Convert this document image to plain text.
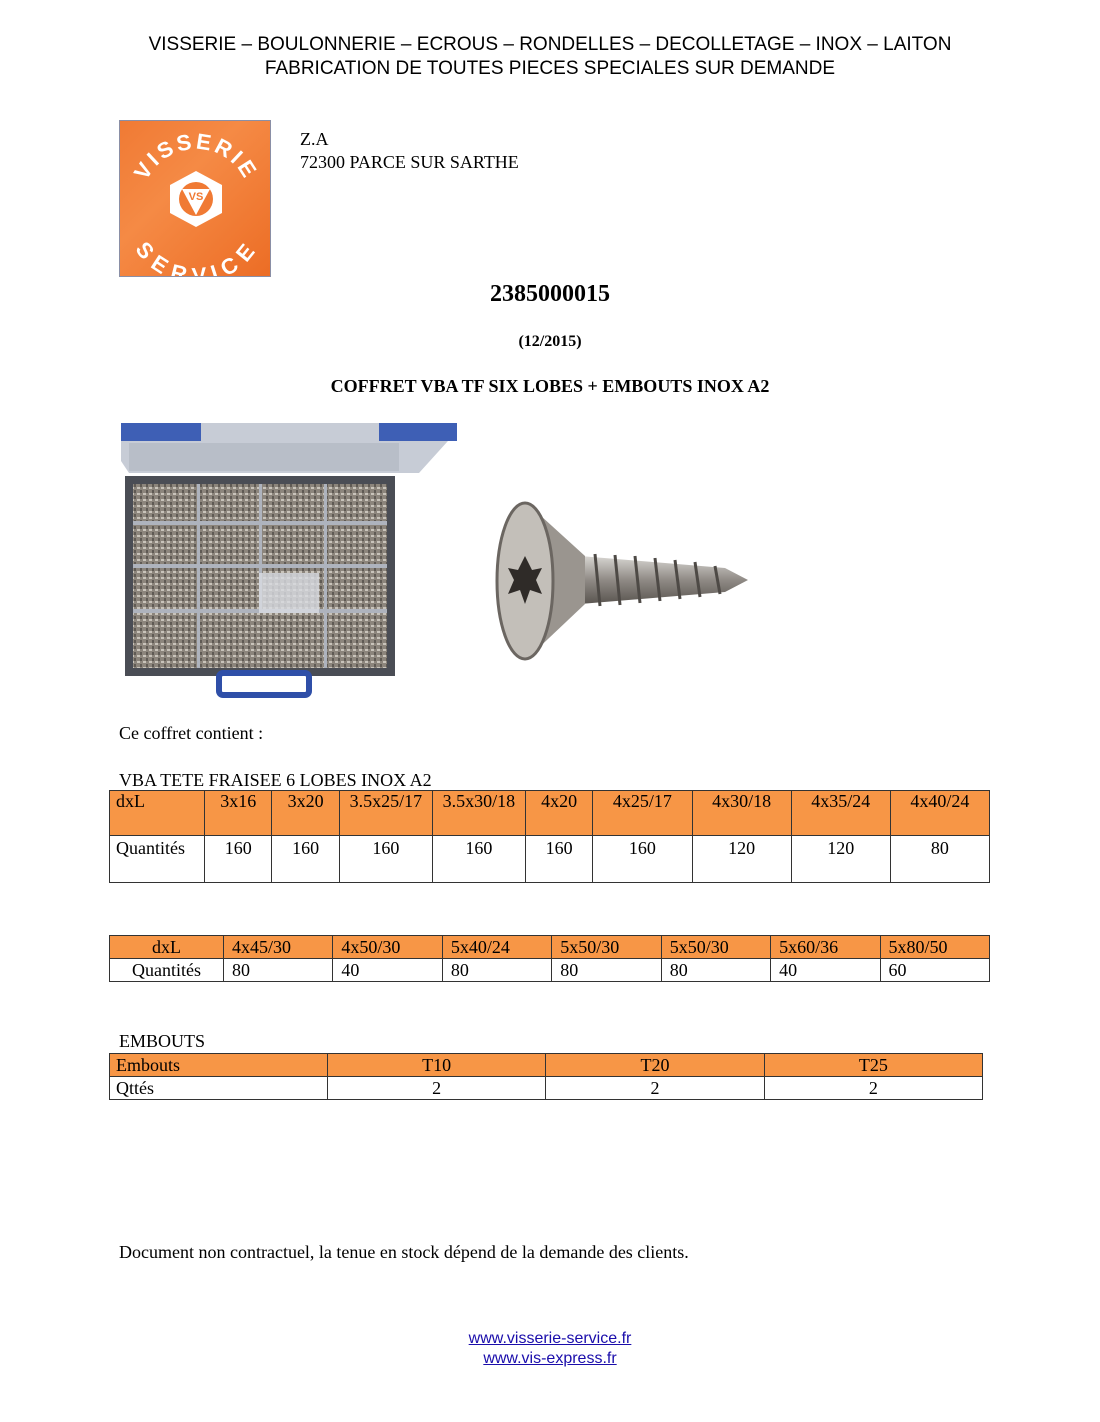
VISSERIE – BOULONNERIE – ECROUS – RONDELLES – DECOLLETAGE – INOX – LAITON
FABRICATION DE TOUTES PIECES SPECIALES SUR DEMANDE
VISSERIE
SERVICE
VS
Z.A
72300 PARCE SUR SARTHE
2385000015
(12/2015)
COFFRET VBA TF SIX LOBES + EMBOUTS INOX A2
Ce coffret contient :
VBA TETE FRAISEE 6 LOBES INOX A2
dxL	3x16	3x20	3.5x25/17	3.5x30/18	4x20	4x25/17	4x30/18	4x35/24	4x40/24
Quantités	160	160	160	160	160	160	120	120	80
dxL	4x45/30	4x50/30	5x40/24	5x50/30	5x50/30	5x60/36	5x80/50
Quantités	80	40	80	80	80	40	60
EMBOUTS
Embouts	T10	T20	T25
Qttés	2	2	2
Document non contractuel, la tenue en stock dépend de la demande des clients.
www.visserie-service.fr
www.vis-express.fr
